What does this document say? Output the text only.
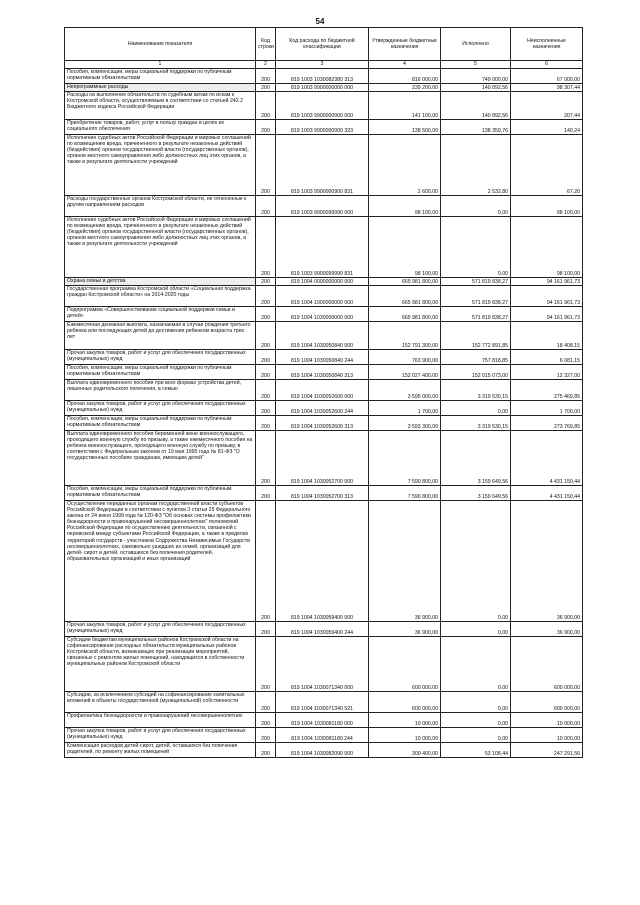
54
Наименование показателя	Код строки	Код расхода по бюджетной классификации	Утвержденные бюджетные назначения	Исполнено	Неисполненные назначения
1	2	3	4	5	6
Пособия, компенсации, меры социальной поддержки по публичным нормативным обязательствам	200	819 1003 1030082380 313	816 000,00	749 000,00	67 000,00
Непрограммные расходы	200	819 1003 9900000000 000	239 200,00	140 892,56	98 307,44
Расходы на выполнение обязательств по судебным актам по искам к Костромской области, осуществляемым в соответствии со статьей 242.2 Бюджетного кодекса Российской Федерации	200	819 1003 9900000900 000	141 100,00	140 892,56	207,44
Приобретение товаров, работ, услуг в пользу граждан в целях их социального обеспечения	200	819 1003 9900000900 323	138 500,00	138 359,76	140,24
Исполнение судебных актов Российской Федерации и мировых соглашений по возмещению вреда, причиненного в результате незаконных действий (бездействия) органов государственной власти (государственных органов), органов местного самоуправления либо должностных лиц этих органов, а также в результате деятельности учреждений	200	819 1003 9900000900 831	2 600,00	2 532,80	67,20
Расходы государственных органов Костромской области, не отнесенные к другим направлениям расходов	200	819 1003 9900099990 000	98 100,00	0,00	98 100,00
Исполнение судебных актов Российской Федерации и мировых соглашений по возмещению вреда, причиненного в результате незаконных действий (бездействия) органов государственной власти (государственных органов), органов местного самоуправления либо должностных лиц этих органов, а также в результате деятельности учреждений	200	819 1003 9900099990 831	98 100,00	0,00	98 100,00
Охрана семьи и детства	200	819 1004 0000000000 000	665 981 800,00	571 819 838,27	94 161 961,73
Государственная программа Костромской области «Социальная поддержка граждан Костромской области» на 2014-2020 годы	200	819 1004 1000000000 000	665 981 800,00	571 819 838,27	94 161 961,73
Подпрограмма «Совершенствование социальной поддержки семьи и детей»	200	819 1004 1030000000 000	665 981 800,00	571 819 838,27	94 161 961,73
Ежемесячная денежная выплата, назначаемая в случае рождения третьего ребенка или последующих детей до достижения ребенком возраста трех лет	200	819 1004 1030050840 000	152 791 300,00	152 772 891,85	18 408,15
Прочая закупка товаров, работ и услуг для обеспечения государственных (муниципальных) нужд	200	819 1004 1030050840 244	763 900,00	757 818,85	6 081,15
Пособия, компенсации, меры социальной поддержки по публичным нормативным обязательствам	200	819 1004 1030050840 313	152 027 400,00	152 015 073,00	12 327,00
Выплата единовременного пособия при всех формах устройства детей, лишенных родительского попечения, в семью	200	819 1004 1030052600 000	3 595 000,00	3 319 530,15	275 469,85
Прочая закупка товаров, работ и услуг для обеспечения государственных (муниципальных) нужд	200	819 1004 1030052600 244	1 700,00	0,00	1 700,00
Пособия, компенсации, меры социальной поддержки по публичным нормативным обязательствам	200	819 1004 1030052600 313	3 593 300,00	3 319 530,15	273 769,85
Выплата единовременного пособия беременной жене военнослужащего, проходящего военную службу по призыву, а также ежемесячного пособия на ребенка военнослужащего, проходящего военную службу по призыву, в соответствии с Федеральным законом от 19 мая 1995 года № 81-ФЗ "О государственных пособиях гражданам, имеющим детей"	200	819 1004 1030052700 000	7 590 800,00	3 159 649,56	4 431 150,44
Пособия, компенсации, меры социальной поддержки по публичным нормативным обязательствам	200	819 1004 1030052700 313	7 590 800,00	3 159 649,56	4 431 150,44
Осуществление переданных органам государственной власти субъектов Российской Федерации в соответствии с пунктом 3 статьи 25 Федерального закона от 24 июня 1999 года № 120-ФЗ "Об основах системы профилактики безнадзорности и правонарушений несовершеннолетних" полномочий Российской Федерации по осуществлению деятельности, связанной с перевозкой между субъектами Российской Федерации, а также в пределах территорий государств - участников Содружества Независимых Государств несовершеннолетних, самовольно ушедших из семей, организаций для детей- сирот и детей, оставшихся без попечения родителей, образовательных организаций и иных организаций	200	819 1004 1030059400 000	36 900,00	0,00	36 900,00
Прочая закупка товаров, работ и услуг для обеспечения государственных (муниципальных) нужд	200	819 1004 1030059400 244	36 900,00	0,00	36 900,00
Субсидии бюджетам муниципальных районов Костромской области на софинансирование расходных обязательств муниципальных районов Костромской области, возникающих при реализации мероприятий, связанных с ремонтом жилых помещений, находящихся в собственности муниципальных районов Костромской области	200	819 1004 1030071340 000	600 000,00	0,00	600 000,00
Субсидии, за исключением субсидий на софинансирование капитальных вложений в объекты государственной (муниципальной) собственности	200	819 1004 1030071340 521	600 000,00	0,00	600 000,00
Профилактика безнадзорности и правонарушений несовершеннолетних	200	819 1004 1030081180 000	10 000,00	0,00	10 000,00
Прочая закупка товаров, работ и услуг для обеспечения государственных (муниципальных) нужд	200	819 1004 1030081180 244	10 000,00	0,00	10 000,00
Компенсация расходов детей-сирот, детей, оставшихся без попечения родителей, по ремонту жилых помещений	200	819 1004 1030082090 000	300 400,00	53 108,44	247 291,56
